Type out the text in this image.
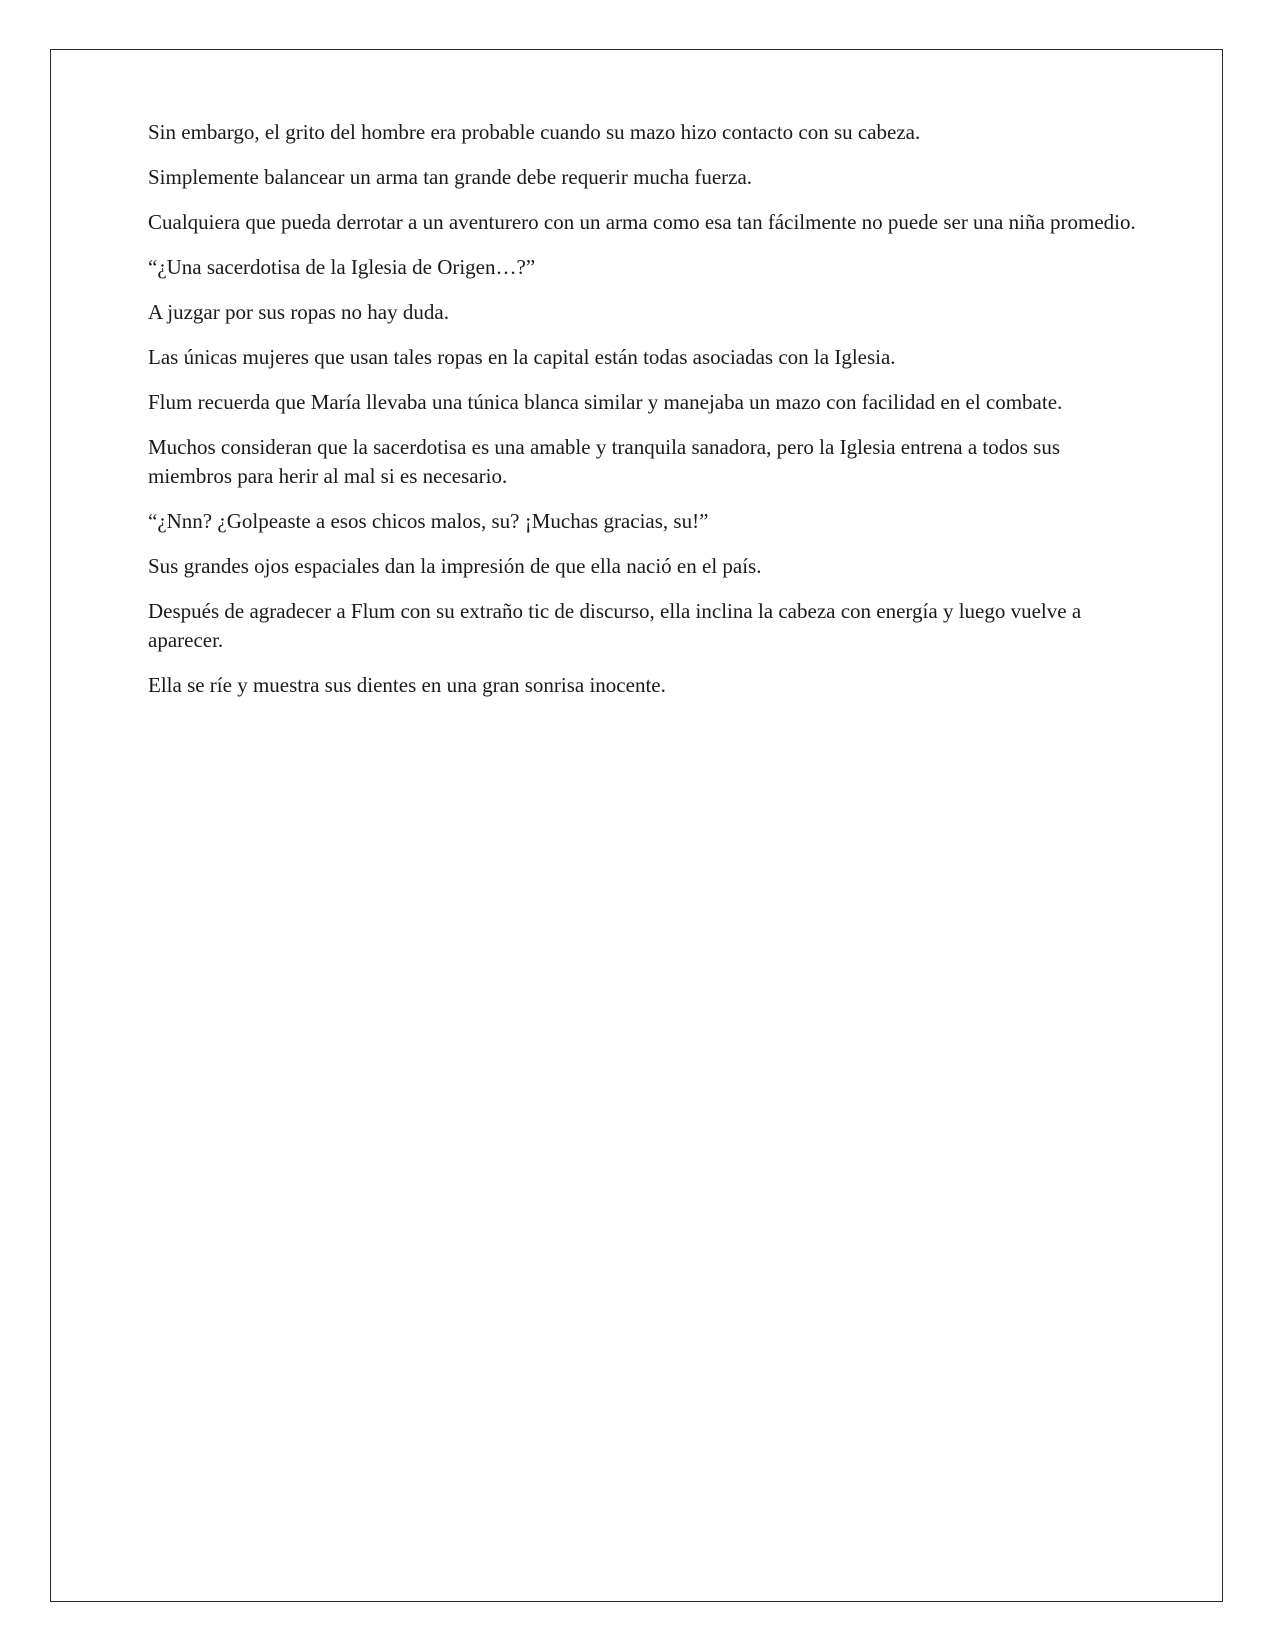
Sin embargo, el grito del hombre era probable cuando su mazo hizo contacto con su cabeza.

Simplemente balancear un arma tan grande debe requerir mucha fuerza.

Cualquiera que pueda derrotar a un aventurero con un arma como esa tan fácilmente no puede ser una niña promedio.

“¿Una sacerdotisa de la Iglesia de Origen…?”

A juzgar por sus ropas no hay duda.

Las únicas mujeres que usan tales ropas en la capital están todas asociadas con la Iglesia.

Flum recuerda que María llevaba una túnica blanca similar y manejaba un mazo con facilidad en el combate.

Muchos consideran que la sacerdotisa es una amable y tranquila sanadora, pero la Iglesia entrena a todos sus miembros para herir al mal si es necesario.

“¿Nnn? ¿Golpeaste a esos chicos malos, su? ¡Muchas gracias, su!”

Sus grandes ojos espaciales dan la impresión de que ella nació en el país.

Después de agradecer a Flum con su extraño tic de discurso, ella inclina la cabeza con energía y luego vuelve a aparecer.

Ella se ríe y muestra sus dientes en una gran sonrisa inocente.
